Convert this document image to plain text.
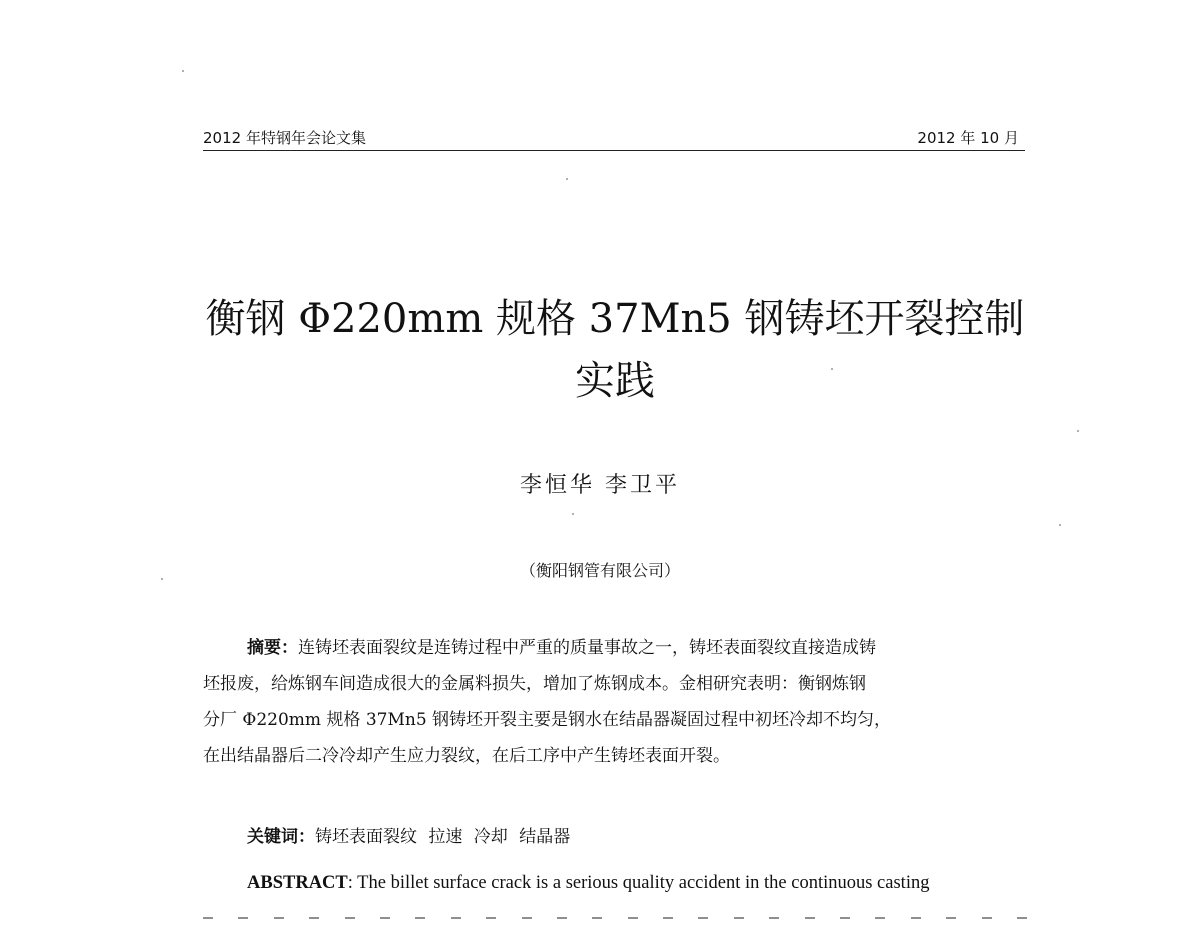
2012 年特钢年会论文集	2012 年 10 月
衡钢 Φ220mm 规格 37Mn5 钢铸坯开裂控制
实践
李恒华 李卫平
（衡阳钢管有限公司）
摘要：连铸坯表面裂纹是连铸过程中严重的质量事故之一，铸坯表面裂纹直接造成铸
坯报废，给炼钢车间造成很大的金属料损失，增加了炼钢成本。金相研究表明：衡钢炼钢
分厂 Φ220mm 规格 37Mn5 钢铸坯开裂主要是钢水在结晶器凝固过程中初坯冷却不均匀，
在出结晶器后二冷冷却产生应力裂纹，在后工序中产生铸坯表面开裂。
关键词：铸坯表面裂纹 拉速 冷却 结晶器
ABSTRACT: The billet surface crack is a serious quality accident in the continuous casting
